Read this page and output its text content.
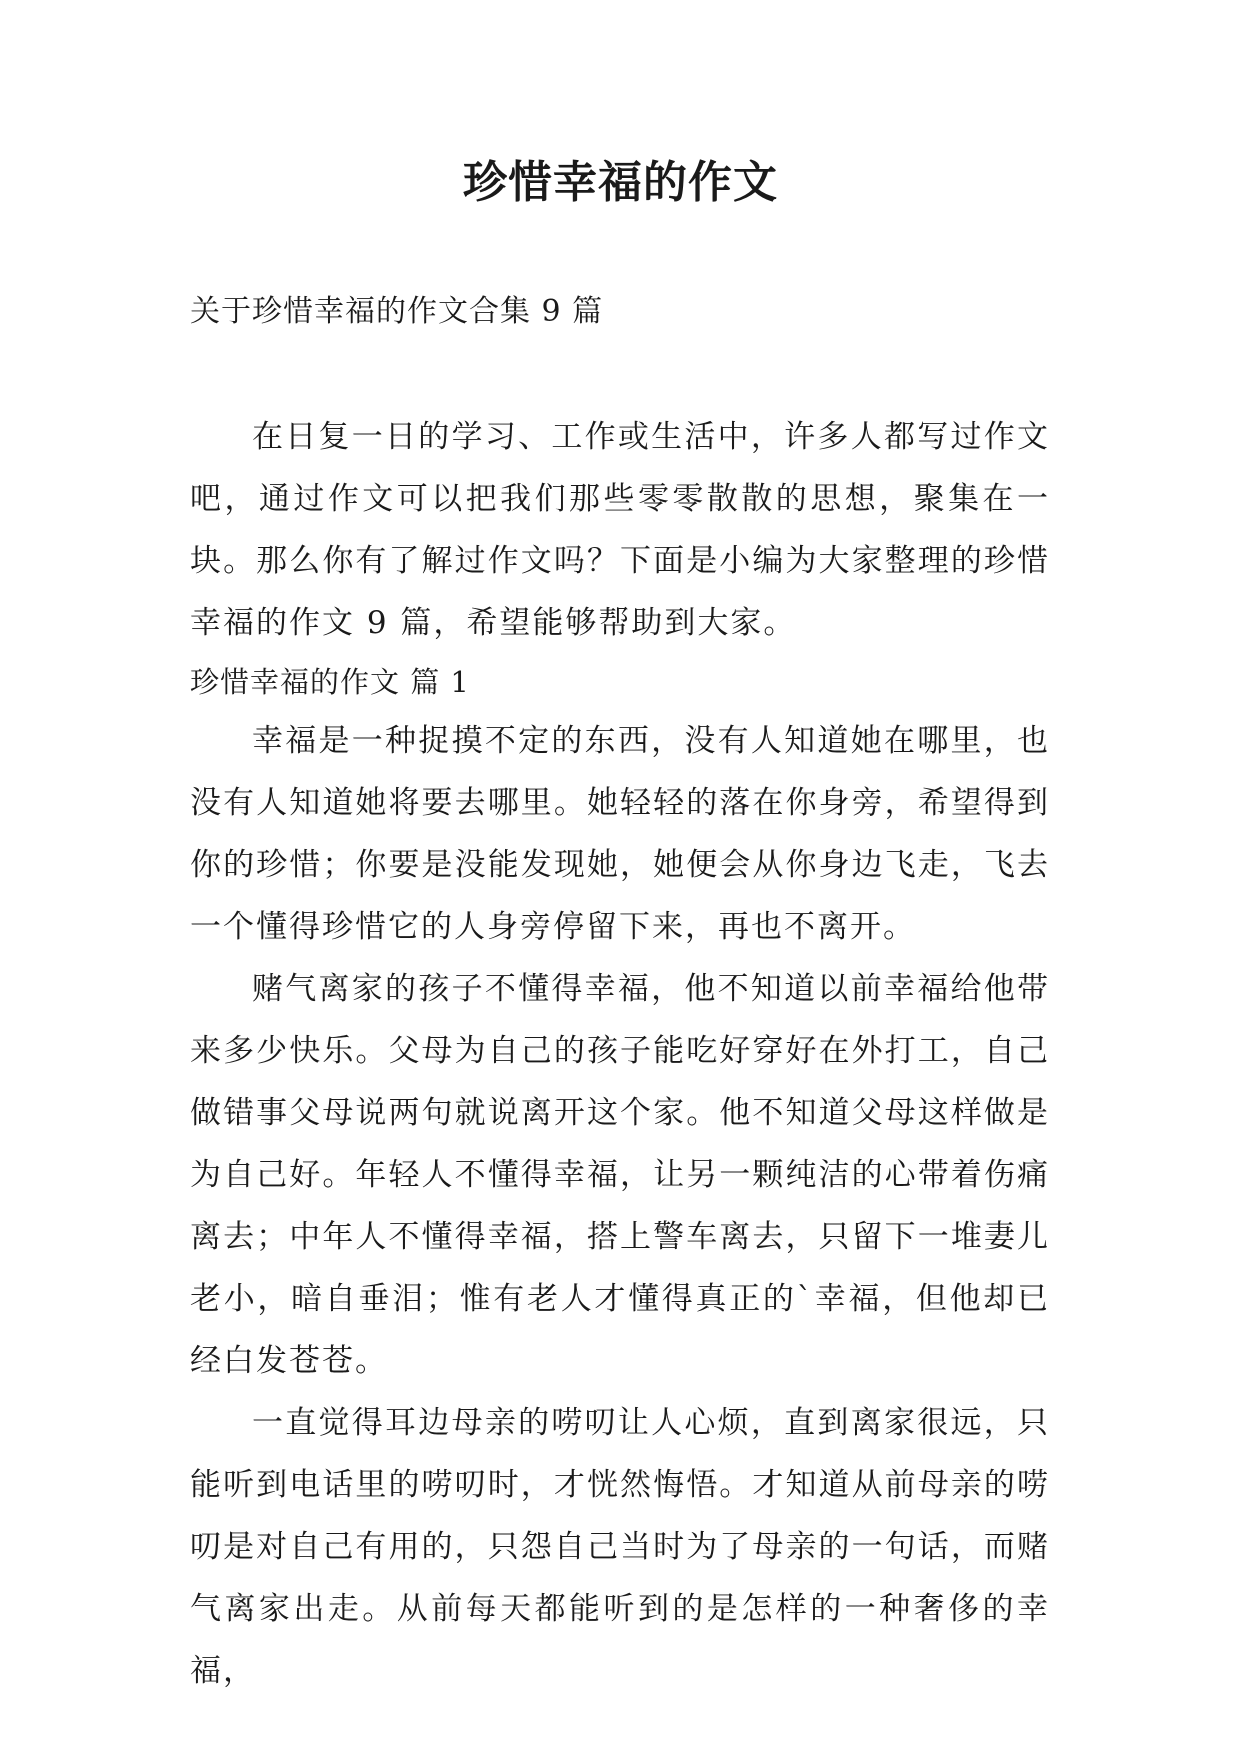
珍惜幸福的作文
关于珍惜幸福的作文合集 9 篇

在日复一日的学习、工作或生活中，许多人都写过作文吧，通过作文可以把我们那些零零散散的思想，聚集在一块。那么你有了解过作文吗？下面是小编为大家整理的珍惜幸福的作文 9 篇，希望能够帮助到大家。

珍惜幸福的作文 篇 1

幸福是一种捉摸不定的东西，没有人知道她在哪里，也没有人知道她将要去哪里。她轻轻的落在你身旁，希望得到你的珍惜；你要是没能发现她，她便会从你身边飞走，飞去一个懂得珍惜它的人身旁停留下来，再也不离开。

赌气离家的孩子不懂得幸福，他不知道以前幸福给他带来多少快乐。父母为自己的孩子能吃好穿好在外打工，自己做错事父母说两句就说离开这个家。他不知道父母这样做是为自己好。年轻人不懂得幸福，让另一颗纯洁的心带着伤痛离去；中年人不懂得幸福，搭上警车离去，只留下一堆妻儿老小，暗自垂泪；惟有老人才懂得真正的`幸福，但他却已经白发苍苍。

一直觉得耳边母亲的唠叨让人心烦，直到离家很远，只能听到电话里的唠叨时，才恍然悔悟。才知道从前母亲的唠叨是对自己有用的，只怨自己当时为了母亲的一句话，而赌气离家出走。从前每天都能听到的是怎样的一种奢侈的幸福，
